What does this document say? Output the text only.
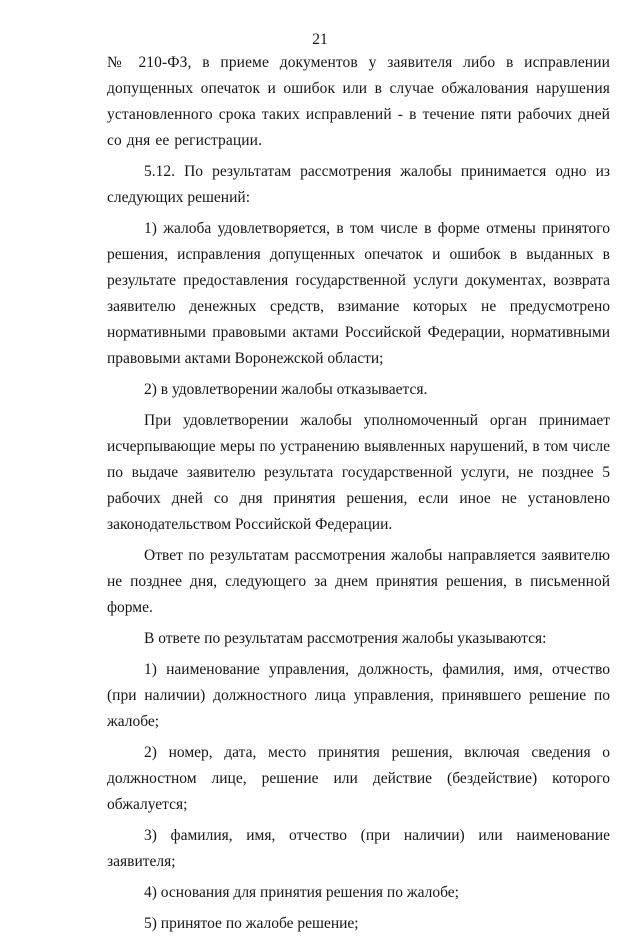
21

№ 210-ФЗ, в приеме документов у заявителя либо в исправлении допущенных опечаток и ошибок или в случае обжалования нарушения установленного срока таких исправлений - в течение пяти рабочих дней со дня ее регистрации.

5.12. По результатам рассмотрения жалобы принимается одно из следующих решений:

1) жалоба удовлетворяется, в том числе в форме отмены принятого решения, исправления допущенных опечаток и ошибок в выданных в результате предоставления государственной услуги документах, возврата заявителю денежных средств, взимание которых не предусмотрено нормативными правовыми актами Российской Федерации, нормативными правовыми актами Воронежской области;

2) в удовлетворении жалобы отказывается.

При удовлетворении жалобы уполномоченный орган принимает исчерпывающие меры по устранению выявленных нарушений, в том числе по выдаче заявителю результата государственной услуги, не позднее 5 рабочих дней со дня принятия решения, если иное не установлено законодательством Российской Федерации.

Ответ по результатам рассмотрения жалобы направляется заявителю не позднее дня, следующего за днем принятия решения, в письменной форме.

В ответе по результатам рассмотрения жалобы указываются:

1) наименование управления, должность, фамилия, имя, отчество (при наличии) должностного лица управления, принявшего решение по жалобе;

2) номер, дата, место принятия решения, включая сведения о должностном лице, решение или действие (бездействие) которого обжалуется;

3) фамилия, имя, отчество (при наличии) или наименование заявителя;

4) основания для принятия решения по жалобе;

5) принятое по жалобе решение;
